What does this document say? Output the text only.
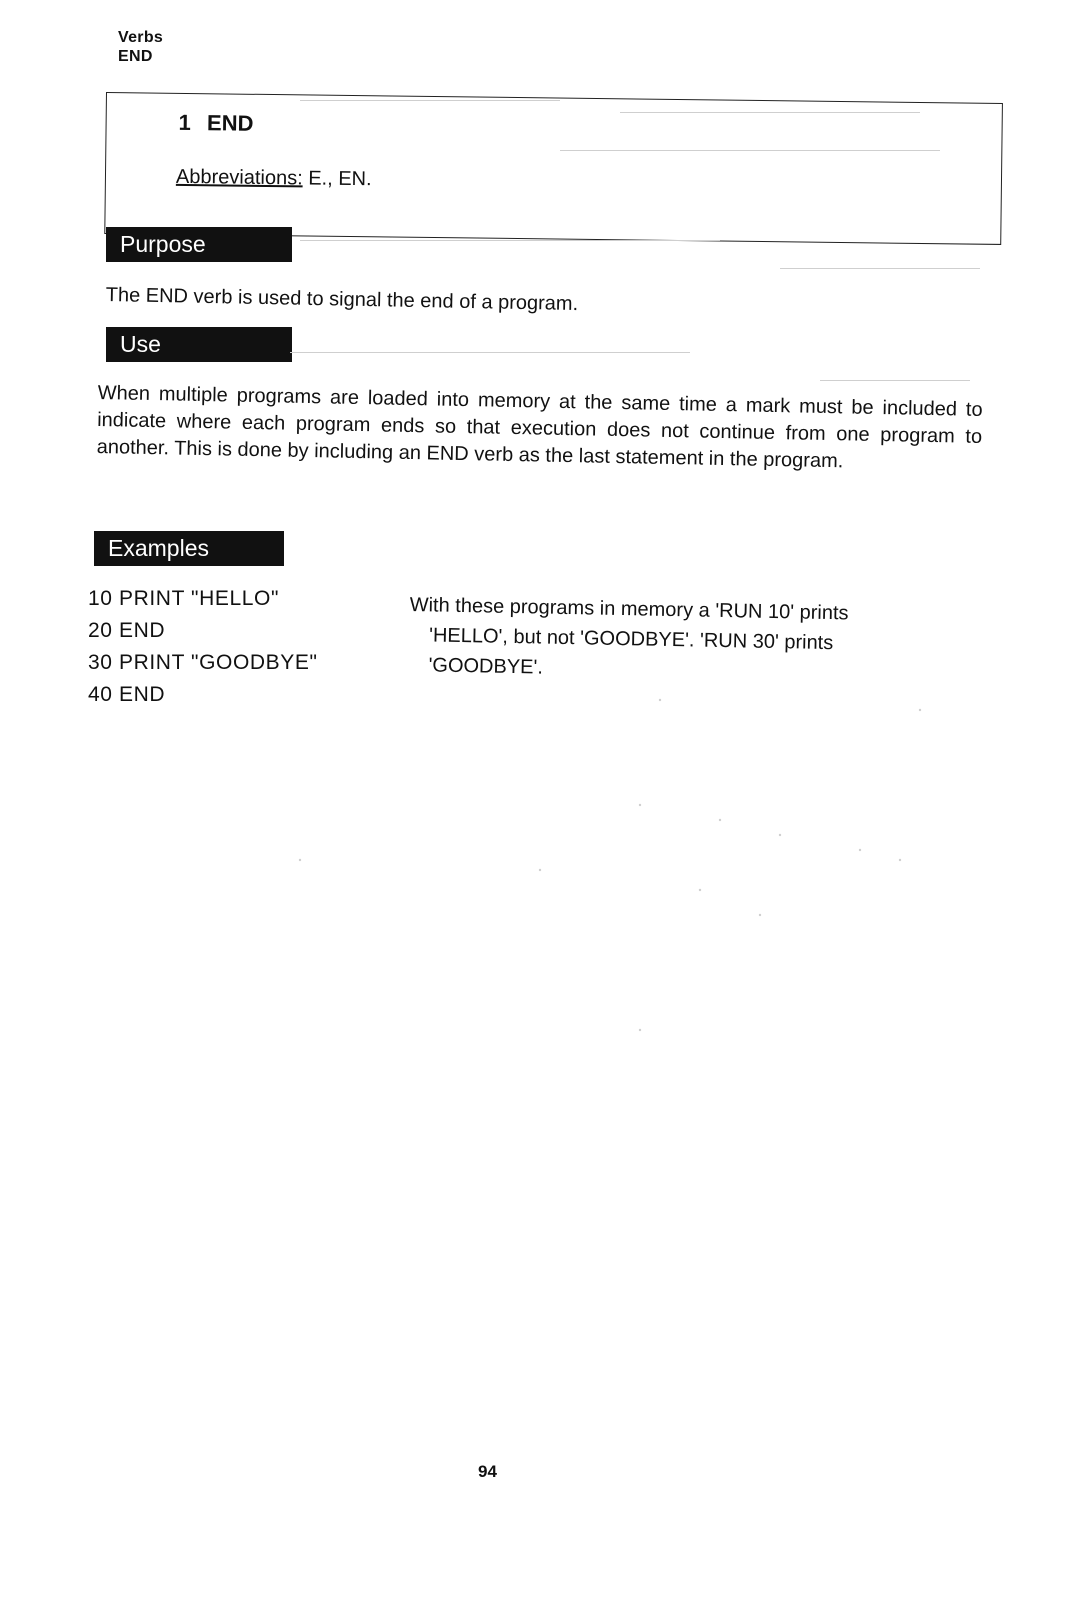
Verbs
END
1 END
Abbreviations: E., EN.
Purpose
The END verb is used to signal the end of a program.
Use
When multiple programs are loaded into memory at the same time a mark must be included to indicate where each program ends so that execution does not continue from one program to another. This is done by including an END verb as the last statement in the program.
Examples
10 PRINT "HELLO"
20 END
30 PRINT "GOODBYE"
40 END
With these programs in memory a 'RUN 10' prints
'HELLO', but not 'GOODBYE'. 'RUN 30' prints
'GOODBYE'.
94
